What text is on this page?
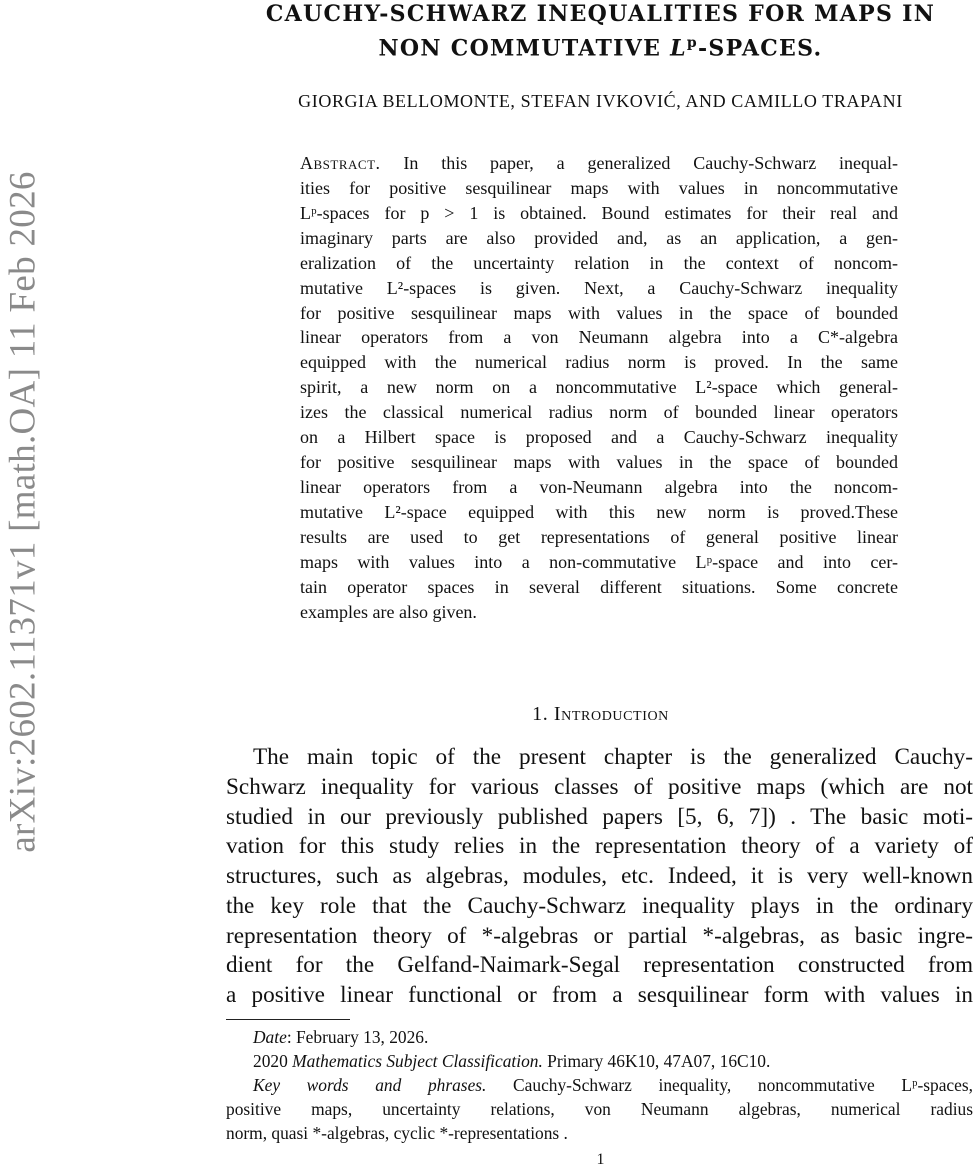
arXiv:2602.11371v1 [math.OA] 11 Feb 2026
CAUCHY-SCHWARZ INEQUALITIES FOR MAPS IN
NON COMMUTATIVE $L^p$-SPACES.
GIORGIA BELLOMONTE, STEFAN IVKOVIĆ, AND CAMILLO TRAPANI
Abstract. In this paper, a generalized Cauchy-Schwarz inequal-
ities for positive sesquilinear maps with values in noncommutative
Lᵖ-spaces for p > 1 is obtained. Bound estimates for their real and
imaginary parts are also provided and, as an application, a gen-
eralization of the uncertainty relation in the context of noncom-
mutative L²-spaces is given. Next, a Cauchy-Schwarz inequality
for positive sesquilinear maps with values in the space of bounded
linear operators from a von Neumann algebra into a C*-algebra
equipped with the numerical radius norm is proved. In the same
spirit, a new norm on a noncommutative L²-space which general-
izes the classical numerical radius norm of bounded linear operators
on a Hilbert space is proposed and a Cauchy-Schwarz inequality
for positive sesquilinear maps with values in the space of bounded
linear operators from a von-Neumann algebra into the noncom-
mutative L²-space equipped with this new norm is proved.These
results are used to get representations of general positive linear
maps with values into a non-commutative Lᵖ-space and into cer-
tain operator spaces in several different situations. Some concrete
examples are also given.
1. Introduction
The main topic of the present chapter is the generalized Cauchy-
Schwarz inequality for various classes of positive maps (which are not
studied in our previously published papers [5, 6, 7]) . The basic moti-
vation for this study relies in the representation theory of a variety of
structures, such as algebras, modules, etc. Indeed, it is very well-known
the key role that the Cauchy-Schwarz inequality plays in the ordinary
representation theory of *-algebras or partial *-algebras, as basic ingre-
dient for the Gelfand-Naimark-Segal representation constructed from
a positive linear functional or from a sesquilinear form with values in
Date: February 13, 2026.
2020 Mathematics Subject Classification. Primary 46K10, 47A07, 16C10.
Key words and phrases. Cauchy-Schwarz inequality, noncommutative Lᵖ-spaces,
positive maps, uncertainty relations, von Neumann algebras, numerical radius
norm, quasi *-algebras, cyclic *-representations .
1
